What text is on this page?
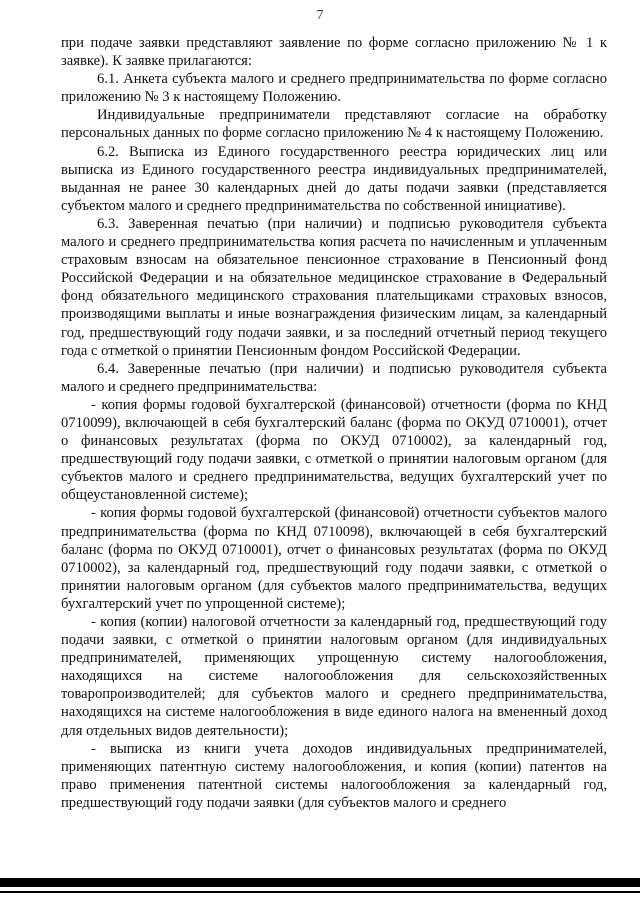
7

при подаче заявки представляют заявление по форме согласно приложению № 1 к заявке). К заявке прилагаются:

6.1. Анкета субъекта малого и среднего предпринимательства по форме согласно приложению № 3 к настоящему Положению.

Индивидуальные предприниматели представляют согласие на обработку персональных данных по форме согласно приложению № 4 к настоящему Положению.

6.2. Выписка из Единого государственного реестра юридических лиц или выписка из Единого государственного реестра индивидуальных предпринимателей, выданная не ранее 30 календарных дней до даты подачи заявки (представляется субъектом малого и среднего предпринимательства по собственной инициативе).

6.3. Заверенная печатью (при наличии) и подписью руководителя субъекта малого и среднего предпринимательства копия расчета по начисленным и уплаченным страховым взносам на обязательное пенсионное страхование в Пенсионный фонд Российской Федерации и на обязательное медицинское страхование в Федеральный фонд обязательного медицинского страхования плательщиками страховых взносов, производящими выплаты и иные вознаграждения физическим лицам, за календарный год, предшествующий году подачи заявки, и за последний отчетный период текущего года с отметкой о принятии Пенсионным фондом Российской Федерации.

6.4. Заверенные печатью (при наличии) и подписью руководителя субъекта малого и среднего предпринимательства:

- копия формы годовой бухгалтерской (финансовой) отчетности (форма по КНД 0710099), включающей в себя бухгалтерский баланс (форма по ОКУД 0710001), отчет о финансовых результатах (форма по ОКУД 0710002), за календарный год, предшествующий году подачи заявки, с отметкой о принятии налоговым органом (для субъектов малого и среднего предпринимательства, ведущих бухгалтерский учет по общеустановленной системе);

- копия формы годовой бухгалтерской (финансовой) отчетности субъектов малого предпринимательства (форма по КНД 0710098), включающей в себя бухгалтерский баланс (форма по ОКУД 0710001), отчет о финансовых результатах (форма по ОКУД 0710002), за календарный год, предшествующий году подачи заявки, с отметкой о принятии налоговым органом (для субъектов малого предпринимательства, ведущих бухгалтерский учет по упрощенной системе);

- копия (копии) налоговой отчетности за календарный год, предшествующий году подачи заявки, с отметкой о принятии налоговым органом (для индивидуальных предпринимателей, применяющих упрощенную систему налогообложения, находящихся на системе налогообложения для сельскохозяйственных товаропроизводителей; для субъектов малого и среднего предпринимательства, находящихся на системе налогообложения в виде единого налога на вмененный доход для отдельных видов деятельности);

- выписка из книги учета доходов индивидуальных предпринимателей, применяющих патентную систему налогообложения, и копия (копии) патентов на право применения патентной системы налогообложения за календарный год, предшествующий году подачи заявки (для субъектов малого и среднего
